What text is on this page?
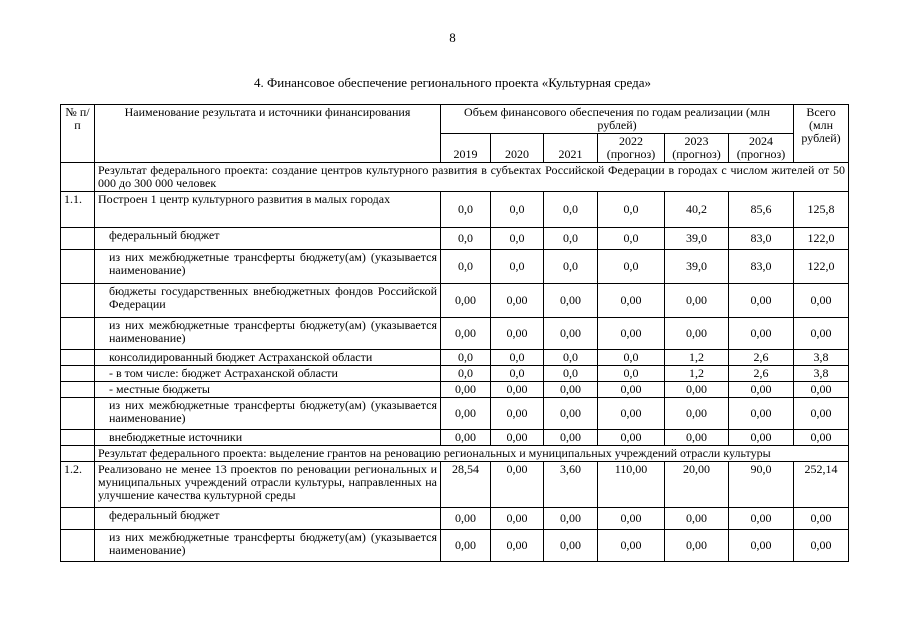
8
4. Финансовое обеспечение регионального проекта «Культурная среда»
№ п/п	Наименование результата и источники финансирования	Объем финансового обеспечения по годам реализации (млн рублей)						Всего (млн рублей)
		2019	2020	2021	2022 (прогноз)	2023 (прогноз)	2024 (прогноз)	
	Результат федерального проекта: создание центров культурного развития в субъектах Российской Федерации в городах с числом жителей от 50 000 до 300 000 человек							
1.1.	Построен 1 центр культурного развития в малых городах	0,0	0,0	0,0	0,0	40,2	85,6	125,8
	федеральный бюджет	0,0	0,0	0,0	0,0	39,0	83,0	122,0
	из них межбюджетные трансферты бюджету(ам) (указывается наименование)	0,0	0,0	0,0	0,0	39,0	83,0	122,0
	бюджеты государственных внебюджетных фондов Российской Федерации	0,00	0,00	0,00	0,00	0,00	0,00	0,00
	из них межбюджетные трансферты бюджету(ам) (указывается наименование)	0,00	0,00	0,00	0,00	0,00	0,00	0,00
	консолидированный бюджет Астраханской области	0,0	0,0	0,0	0,0	1,2	2,6	3,8
	- в том числе: бюджет Астраханской области	0,0	0,0	0,0	0,0	1,2	2,6	3,8
	- местные бюджеты	0,00	0,00	0,00	0,00	0,00	0,00	0,00
	из них межбюджетные трансферты бюджету(ам) (указывается наименование)	0,00	0,00	0,00	0,00	0,00	0,00	0,00
	внебюджетные источники	0,00	0,00	0,00	0,00	0,00	0,00	0,00
	Результат федерального проекта: выделение грантов на реновацию региональных и муниципальных учреждений отрасли культуры							
1.2.	Реализовано не менее 13 проектов по реновации региональных и муниципальных учреждений отрасли культуры, направленных на улучшение качества культурной среды	28,54	0,00	3,60	110,00	20,00	90,0	252,14
	федеральный бюджет	0,00	0,00	0,00	0,00	0,00	0,00	0,00
	из них межбюджетные трансферты бюджету(ам) (указывается наименование)	0,00	0,00	0,00	0,00	0,00	0,00	0,00
